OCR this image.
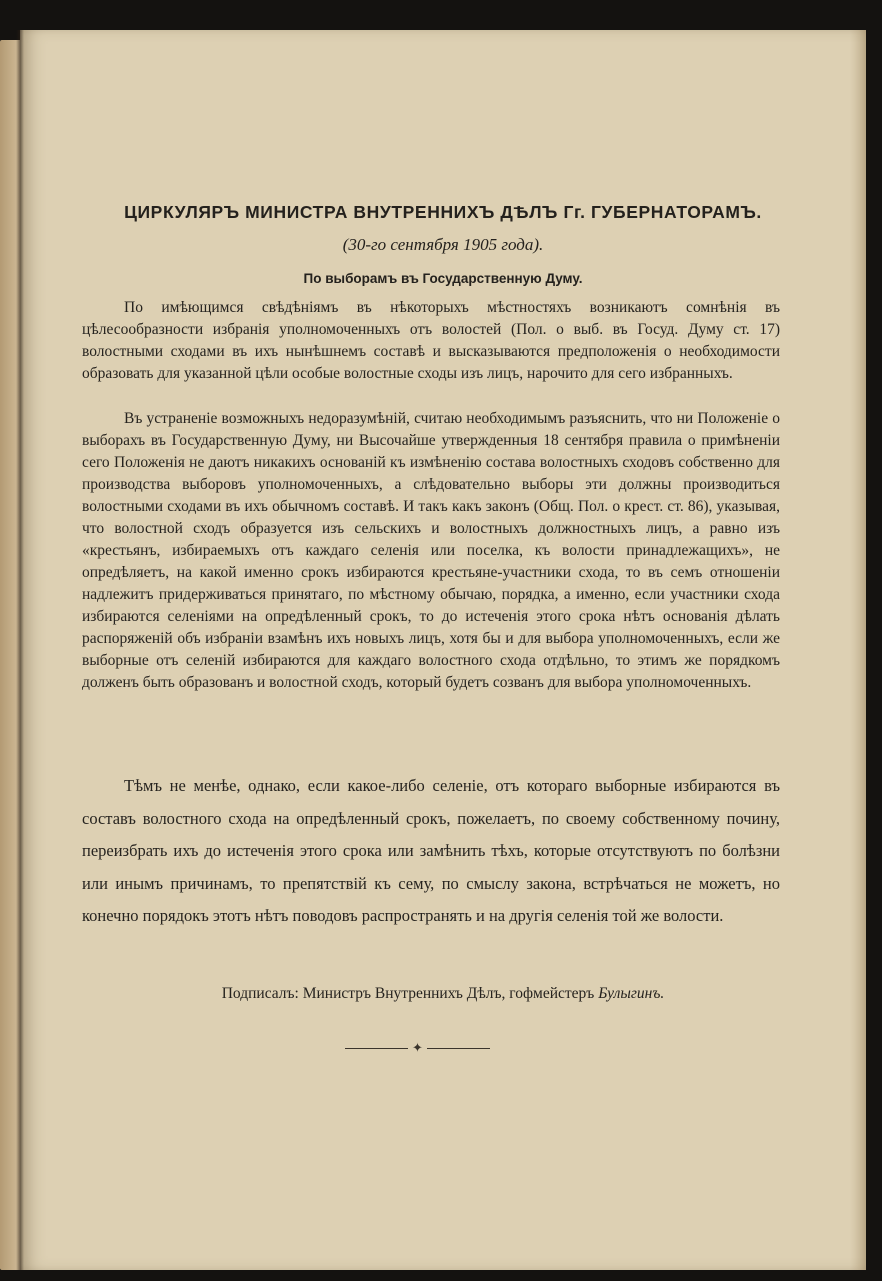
ЦИРКУЛЯРЪ МИНИСТРА ВНУТРЕННИХЪ ДѢЛЪ Гг. ГУБЕРНАТОРАМЪ.
(30-го сентября 1905 года).
По выборамъ въ Государственную Думу.

По имѣющимся свѣдѣніямъ въ нѣкоторыхъ мѣстностяхъ возникаютъ сомнѣнія въ цѣлесообразности избранія уполномоченныхъ отъ волостей (Пол. о выб. въ Госуд. Думу ст. 17) волостными сходами въ ихъ нынѣшнемъ составѣ и высказываются предположенія о необходимости образовать для указанной цѣли особые волостные сходы изъ лицъ, нарочито для сего избранныхъ.

Въ устраненіе возможныхъ недоразумѣній, считаю необходимымъ разъяснить, что ни Положеніе о выборахъ въ Государственную Думу, ни Высочайше утвержденныя 18 сентября правила о примѣненіи сего Положенія не даютъ никакихъ основаній къ измѣненію состава волостныхъ сходовъ собственно для производства выборовъ уполномоченныхъ, а слѣдовательно выборы эти должны производиться волостными сходами въ ихъ обычномъ составѣ. И такъ какъ законъ (Общ. Пол. о крест. ст. 86), указывая, что волостной сходъ образуется изъ сельскихъ и волостныхъ должностныхъ лицъ, а равно изъ «крестьянъ, избираемыхъ отъ каждаго селенія или поселка, къ волости принадлежащихъ», не опредѣляетъ, на какой именно срокъ избираются крестьяне-участники схода, то въ семъ отношеніи надлежитъ придерживаться принятаго, по мѣстному обычаю, порядка, а именно, если участники схода избираются селеніями на опредѣленный срокъ, то до истеченія этого срока нѣтъ основанія дѣлать распоряженій объ избраніи взамѣнъ ихъ новыхъ лицъ, хотя бы и для выбора уполномоченныхъ, если же выборные отъ селеній избираются для каждаго волостного схода отдѣльно, то этимъ же порядкомъ долженъ быть образованъ и волостной сходъ, который будетъ созванъ для выбора уполномоченныхъ.

Тѣмъ не менѣе, однако, если какое-либо селеніе, отъ котораго выборные избираются въ составъ волостного схода на опредѣленный срокъ, пожелаетъ, по своему собственному почину, переизбрать ихъ до истеченія этого срока или замѣнить тѣхъ, которые отсутствуютъ по болѣзни или инымъ причинамъ, то препятствій къ сему, по смыслу закона, встрѣчаться не можетъ, но конечно порядокъ этотъ нѣтъ поводовъ распространять и на другія селенія той же волости.

Подписалъ: Министръ Внутреннихъ Дѣлъ, гофмейстеръ Булыгинъ.
✦
